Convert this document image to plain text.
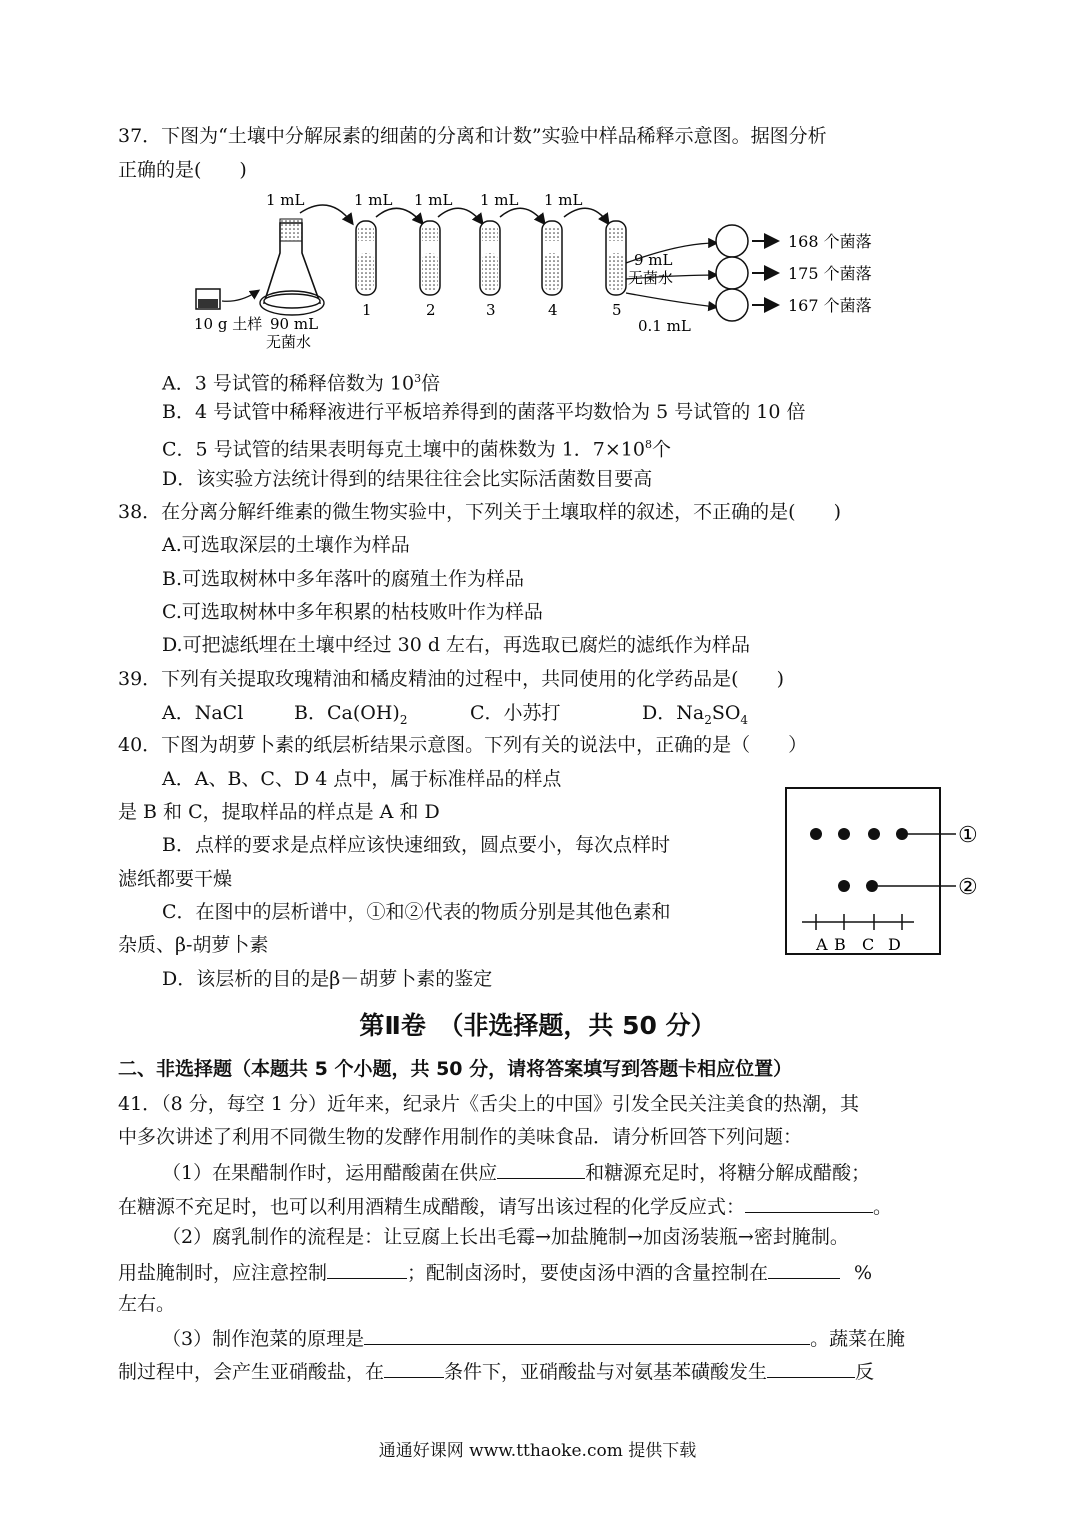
37．下图为“土壤中分解尿素的细菌的分离和计数”实验中样品稀释示意图。据图分析
正确的是(　　)
1 mL	1 mL 1 mL 1 mL 1 mL
10 g 土样 90 mL
无菌水
1	2	3	4	5
9 mL
无菌水
0.1 mL
168 个菌落
175 个菌落
167 个菌落
A．3 号试管的稀释倍数为 $10^3$倍
B．4 号试管中稀释液进行平板培养得到的菌落平均数恰为 5 号试管的 10 倍
C．5 号试管的结果表明每克土壤中的菌株数为 1．$7\times 10^8$个
D．该实验方法统计得到的结果往往会比实际活菌数目要高
38．在分离分解纤维素的微生物实验中，下列关于土壤取样的叙述，不正确的是(　　)
A.可选取深层的土壤作为样品
B.可选取树林中多年落叶的腐殖土作为样品
C.可选取树林中多年积累的枯枝败叶作为样品
D.可把滤纸埋在土壤中经过 30 d 左右，再选取已腐烂的滤纸作为样品
39．下列有关提取玫瑰精油和橘皮精油的过程中，共同使用的化学药品是(　　)
A．NaCl	B．$Ca(OH)_2$	C．小苏打	D．$Na_2SO_4$
40．下图为胡萝卜素的纸层析结果示意图。下列有关的说法中，正确的是（　　）
A．A、B、C、D 4 点中，属于标准样品的样点
是 B 和 C，提取样品的样点是 A 和 D
B．点样的要求是点样应该快速细致，圆点要小，每次点样时
滤纸都要干燥
C．在图中的层析谱中，①和②代表的物质分别是其他色素和
杂质、β-胡萝卜素
D．该层析的目的是β－胡萝卜素的鉴定
①
②
A B C D
第Ⅱ卷　（非选择题，共 50 分）
二、非选择题（本题共 5 个小题，共 50 分，请将答案填写到答题卡相应位置）
41．（8 分，每空 1 分）近年来，纪录片《舌尖上的中国》引发全民关注美食的热潮，其
中多次讲述了利用不同微生物的发酵作用制作的美味食品．请分析回答下列问题：
（1）在果醋制作时，运用醋酸菌在供应	和糖源充足时，将糖分解成醋酸；
在糖源不充足时，也可以利用酒精生成醋酸，请写出该过程的化学反应式：	。
（2）腐乳制作的流程是：让豆腐上长出毛霉→加盐腌制→加卤汤装瓶→密封腌制。
用盐腌制时，应注意控制	；配制卤汤时，要使卤汤中酒的含量控制在	%
左右。
（3）制作泡菜的原理是	。蔬菜在腌
制过程中，会产生亚硝酸盐，在	条件下，亚硝酸盐与对氨基苯磺酸发生	反
通通好课网 www.tthaoke.com 提供下载
